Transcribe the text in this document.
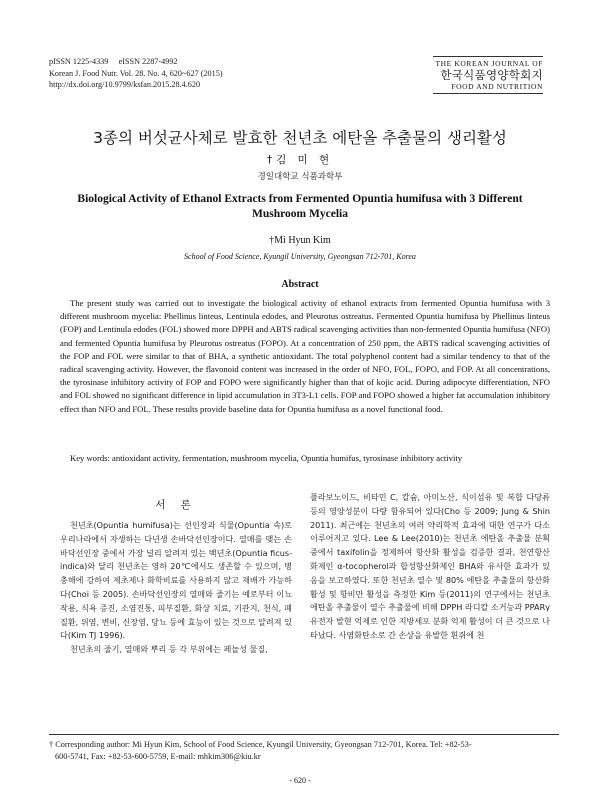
pISSN 1225-4339     eISSN 2287-4992
Korean J. Food Nutr. Vol. 28. No. 4, 620~627 (2015)
http://dx.doi.org/10.9799/ksfan.2015.28.4.620
THE KOREAN JOURNAL OF
한국식품영양학회지
FOOD AND NUTRITION
3종의 버섯균사체로 발효한 천년초 에탄올 추출물의 생리활성
†김 미 현
경일대학교 식품과학부
Biological Activity of Ethanol Extracts from Fermented Opuntia humifusa with 3 Different Mushroom Mycelia
†Mi Hyun Kim
School of Food Science, Kyungil University, Gyeongsan 712-701, Korea
Abstract

The present study was carried out to investigate the biological activity of ethanol extracts from fermented Opuntia humifusa with 3 different mushroom mycelia: Phellinus linteus, Lentinula edodes, and Pleurotus ostreatus. Fermented Opuntia humifusa by Phellinus linteus (FOP) and Lentinula edodes (FOL) showed more DPPH and ABTS radical scavenging activities than non-fermented Opuntia humifusa (NFO) and fermented Opuntia humifusa by Pleurotus ostreatus (FOPO). At a concentration of 250 ppm, the ABTS radical scavenging activities of the FOP and FOL were similar to that of BHA, a synthetic antioxidant. The total polyphenol content had a similar tendency to that of the radical scavenging activity. However, the flavonoid content was increased in the order of NFO, FOL, FOPO, and FOP. At all concentrations, the tyrosinase inhibitory activity of FOP and FOPO were significantly higher than that of kojic acid. During adipocyte differentiation, NFO and FOL showed no significant difference in lipid accumulation in 3T3-L1 cells. FOP and FOPO showed a higher fat accumulation inhibitory effect than NFO and FOL. These results provide baseline data for Opuntia humifusa as a novel functional food.

Key words: antioxidant activity, fermentation, mushroom mycelia, Opuntia humifus, tyrosinase inhibitory activity
서 론

천년초(Opuntia humifusa)는 선인장과 식물(Opuntia 속)로 우리나라에서 자생하는 다년생 손바닥선인장이다. 열매를 맺는 손바닥선인장 중에서 가장 널리 알려져 있는 백년초(Opuntia ficus-indica)와 달리 천년초는 영하 20℃에서도 생존할 수 있으며, 병충해에 강하여 제초제나 화학비료를 사용하지 않고 재배가 가능하다(Choi 등 2005). 손바닥선인장의 열매와 줄기는 예로부터 이뇨 작용, 식욕 증진, 소염진통, 피부질환, 화상 치료, 기관지, 천식, 폐질환, 위염, 변비, 신장염, 당뇨 등에 효능이 있는 것으로 알려져 있다(Kim TJ 1996).

천년초의 줄기, 열매와 뿌리 등 각 부위에는 페놀성 물질,

플라보노이드, 비타민 C, 칼슘, 아미노산, 식이섬유 및 복합 다당류 등의 영양성분이 다량 함유되어 있다(Cho 등 2009; Jung & Shin 2011). 최근에는 천년초의 여러 약리학적 효과에 대한 연구가 다소 이루어지고 있다. Lee & Lee(2010)는 천년초 에탄올 추출물 분획 중에서 taxifolin을 정제하여 항산화 활성을 검증한 결과, 천연항산화제인 α-tocopherol과 합성항산화제인 BHA와 유사한 효과가 있음을 보고하였다. 또한 천년초 열수 및 80% 에탄올 추출물의 항산화 활성 및 항비만 활성을 측정한 Kim 등(2011)의 연구에서는 천년초 에탄올 추출물이 열수 추출물에 비해 DPPH 라디칼 소거능과 PPARγ 유전자 발현 억제로 인한 지방세포 분화 억제 활성이 더 큰 것으로 나타났다. 사염화탄소로 간 손상을 유발한 흰쥐에 천

† Corresponding author: Mi Hyun Kim, School of Food Science, Kyungil University, Gyeongsan 712-701, Korea. Tel: +82-53-
600-5741, Fax: +82-53-600-5759, E-mail: mhkim306@kiu.kr
- 620 -
